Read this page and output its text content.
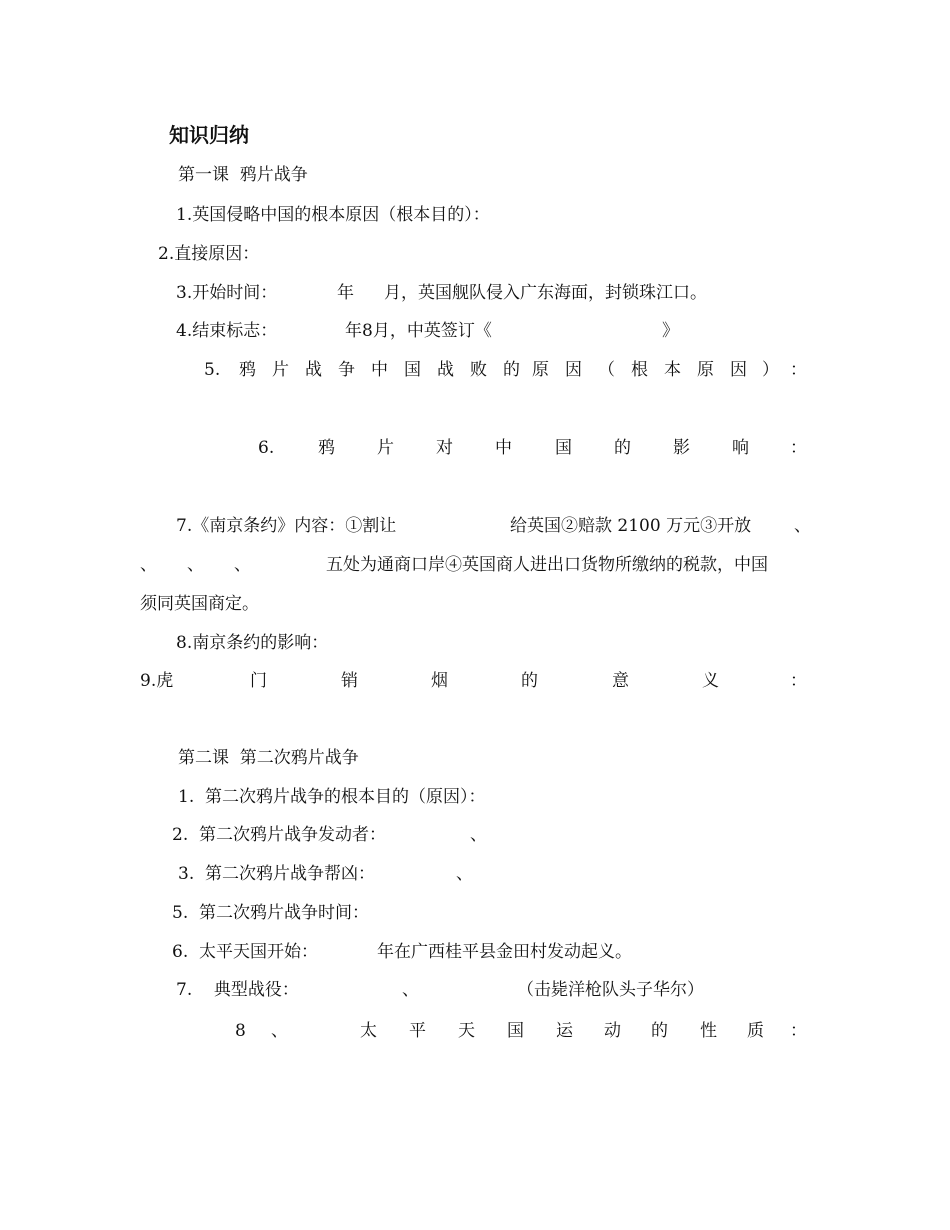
知识归纳
第一课  鸦片战争
1.英国侵略中国的根本原因（根本目的）：
2.直接原因：
3.开始时间：	年 月，英国舰队侵入广东海面，封锁珠江口。
4.结束标志：	年8月，中英签订《	》
5. 鸦 片 战 争 中 国 战 败 的 原 因 （ 根 本 原 因 ） ：
6.	鸦 片 对 中	国 的 影 响 ：
7.《南京条约》内容：①割让	给英国②赔款 2100 万元③开放	、
、 、 、	五处为通商口岸④英国商人进出口货物所缴纳的税款，中国
须同英国商定。
8.南京条约的影响：
9.虎	门	销	烟	的	意	义	：
第二课  第二次鸦片战争
1.  第二次鸦片战争的根本目的（原因）：
2.  第二次鸦片战争发动者：	、
3.  第二次鸦片战争帮凶：	、
5.  第二次鸦片战争时间：
6.  太平天国开始：	年在广西桂平县金田村发动起义。
7.    典型战役：	、	（击毙洋枪队头子华尔）
8 、	太 平 天 国 运 动 的 性 质 ：
